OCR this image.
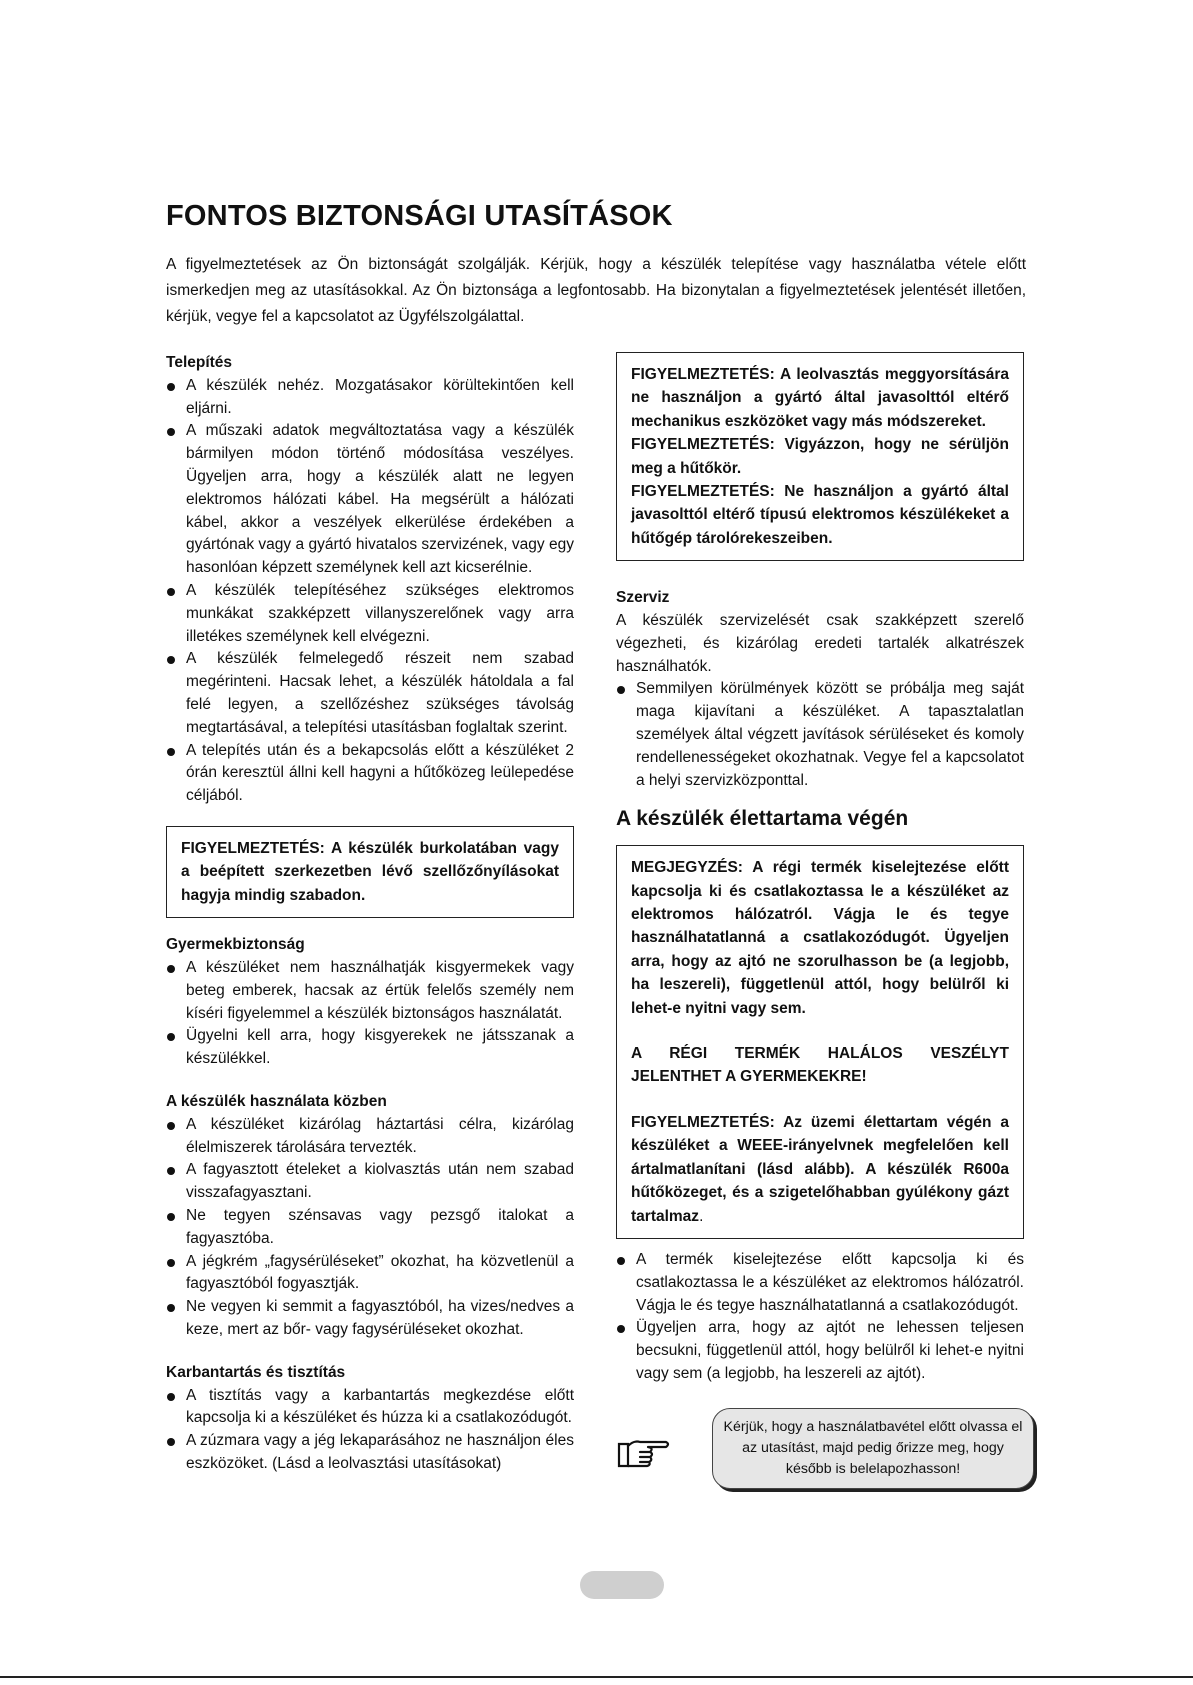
FONTOS BIZTONSÁGI UTASÍTÁSOK

A figyelmeztetések az Ön biztonságát szolgálják. Kérjük, hogy a készülék telepítése vagy használatba vétele előtt ismerkedjen meg az utasításokkal. Az Ön biztonsága a legfontosabb. Ha bizonytalan a figyelmeztetések jelentését illetően, kérjük, vegye fel a kapcsolatot az Ügyfélszolgálattal.

Telepítés

A készülék nehéz. Mozgatásakor körültekintően kell eljárni.
A műszaki adatok megváltoztatása vagy a készülék bármilyen módon történő módosítása veszélyes. Ügyeljen arra, hogy a készülék alatt ne legyen elektromos hálózati kábel. Ha megsérült a hálózati kábel, akkor a veszélyek elkerülése érdekében a gyártónak vagy a gyártó hivatalos szervizének, vagy egy hasonlóan képzett személynek kell azt kicserélnie.
A készülék telepítéséhez szükséges elektromos munkákat szakképzett villanyszerelőnek vagy arra illetékes személynek kell elvégezni.
A készülék felmelegedő részeit nem szabad megérinteni. Hacsak lehet, a készülék hátoldala a fal felé legyen, a szellőzéshez szükséges távolság megtartásával, a telepítési utasításban foglaltak szerint.
A telepítés után és a bekapcsolás előtt a készüléket 2 órán keresztül állni kell hagyni a hűtőközeg leülepedése céljából.

FIGYELMEZTETÉS: A készülék burkolatában vagy a beépített szerkezetben lévő szellőzőnyílásokat hagyja mindig szabadon.

Gyermekbiztonság

A készüléket nem használhatják kisgyermekek vagy beteg emberek, hacsak az értük felelős személy nem kíséri figyelemmel a készülék biztonságos használatát.
Ügyelni kell arra, hogy kisgyerekek ne játsszanak a készülékkel.

A készülék használata közben

A készüléket kizárólag háztartási célra, kizárólag élelmiszerek tárolására tervezték.
A fagyasztott ételeket a kiolvasztás után nem szabad visszafagyasztani.
Ne tegyen szénsavas vagy pezsgő italokat a fagyasztóba.
A jégkrém „fagysérüléseket” okozhat, ha közvetlenül a fagyasztóból fogyasztják.
Ne vegyen ki semmit a fagyasztóból, ha vizes/nedves a keze, mert az bőr- vagy fagysérüléseket okozhat.

Karbantartás és tisztítás

A tisztítás vagy a karbantartás megkezdése előtt kapcsolja ki a készüléket és húzza ki a csatlakozódugót.
A zúzmara vagy a jég lekaparásához ne használjon éles eszközöket. (Lásd a leolvasztási utasításokat)

FIGYELMEZTETÉS: A leolvasztás meggyorsítására ne használjon a gyártó által javasolttól eltérő mechanikus eszközöket vagy más módszereket.

FIGYELMEZTETÉS: Vigyázzon, hogy ne sérüljön meg a hűtőkör.

FIGYELMEZTETÉS: Ne használjon a gyártó által javasolttól eltérő típusú elektromos készülékeket a hűtőgép tárolórekeszeiben.

Szerviz

A készülék szervizelését csak szakképzett szerelő végezheti, és kizárólag eredeti tartalék alkatrészek használhatók.

Semmilyen körülmények között se próbálja meg saját maga kijavítani a készüléket. A tapasztalatlan személyek által végzett javítások sérüléseket és komoly rendellenességeket okozhatnak. Vegye fel a kapcsolatot a helyi szervizközponttal.

A készülék élettartama végén

MEGJEGYZÉS: A régi termék kiselejtezése előtt kapcsolja ki és csatlakoztassa le a készüléket az elektromos hálózatról. Vágja le és tegye használhatatlanná a csatlakozódugót. Ügyeljen arra, hogy az ajtó ne szorulhasson be (a legjobb, ha leszereli), függetlenül attól, hogy belülről ki lehet-e nyitni vagy sem.

A RÉGI TERMÉK HALÁLOS VESZÉLYT JELENTHET A GYERMEKEKRE!

FIGYELMEZTETÉS: Az üzemi élettartam végén a készüléket a WEEE-irányelvnek megfelelően kell ártalmatlanítani (lásd alább). A készülék R600a hűtőközeget, és a szigetelőhabban gyúlékony gázt tartalmaz.

A termék kiselejtezése előtt kapcsolja ki és csatlakoztassa le a készüléket az elektromos hálózatról. Vágja le és tegye használhatatlanná a csatlakozódugót.
Ügyeljen arra, hogy az ajtót ne lehessen teljesen becsukni, függetlenül attól, hogy belülről ki lehet-e nyitni vagy sem (a legjobb, ha leszereli az ajtót).
Kérjük, hogy a használatbavétel előtt olvassa el az utasítást, majd pedig őrizze meg, hogy később is belelapozhasson!
